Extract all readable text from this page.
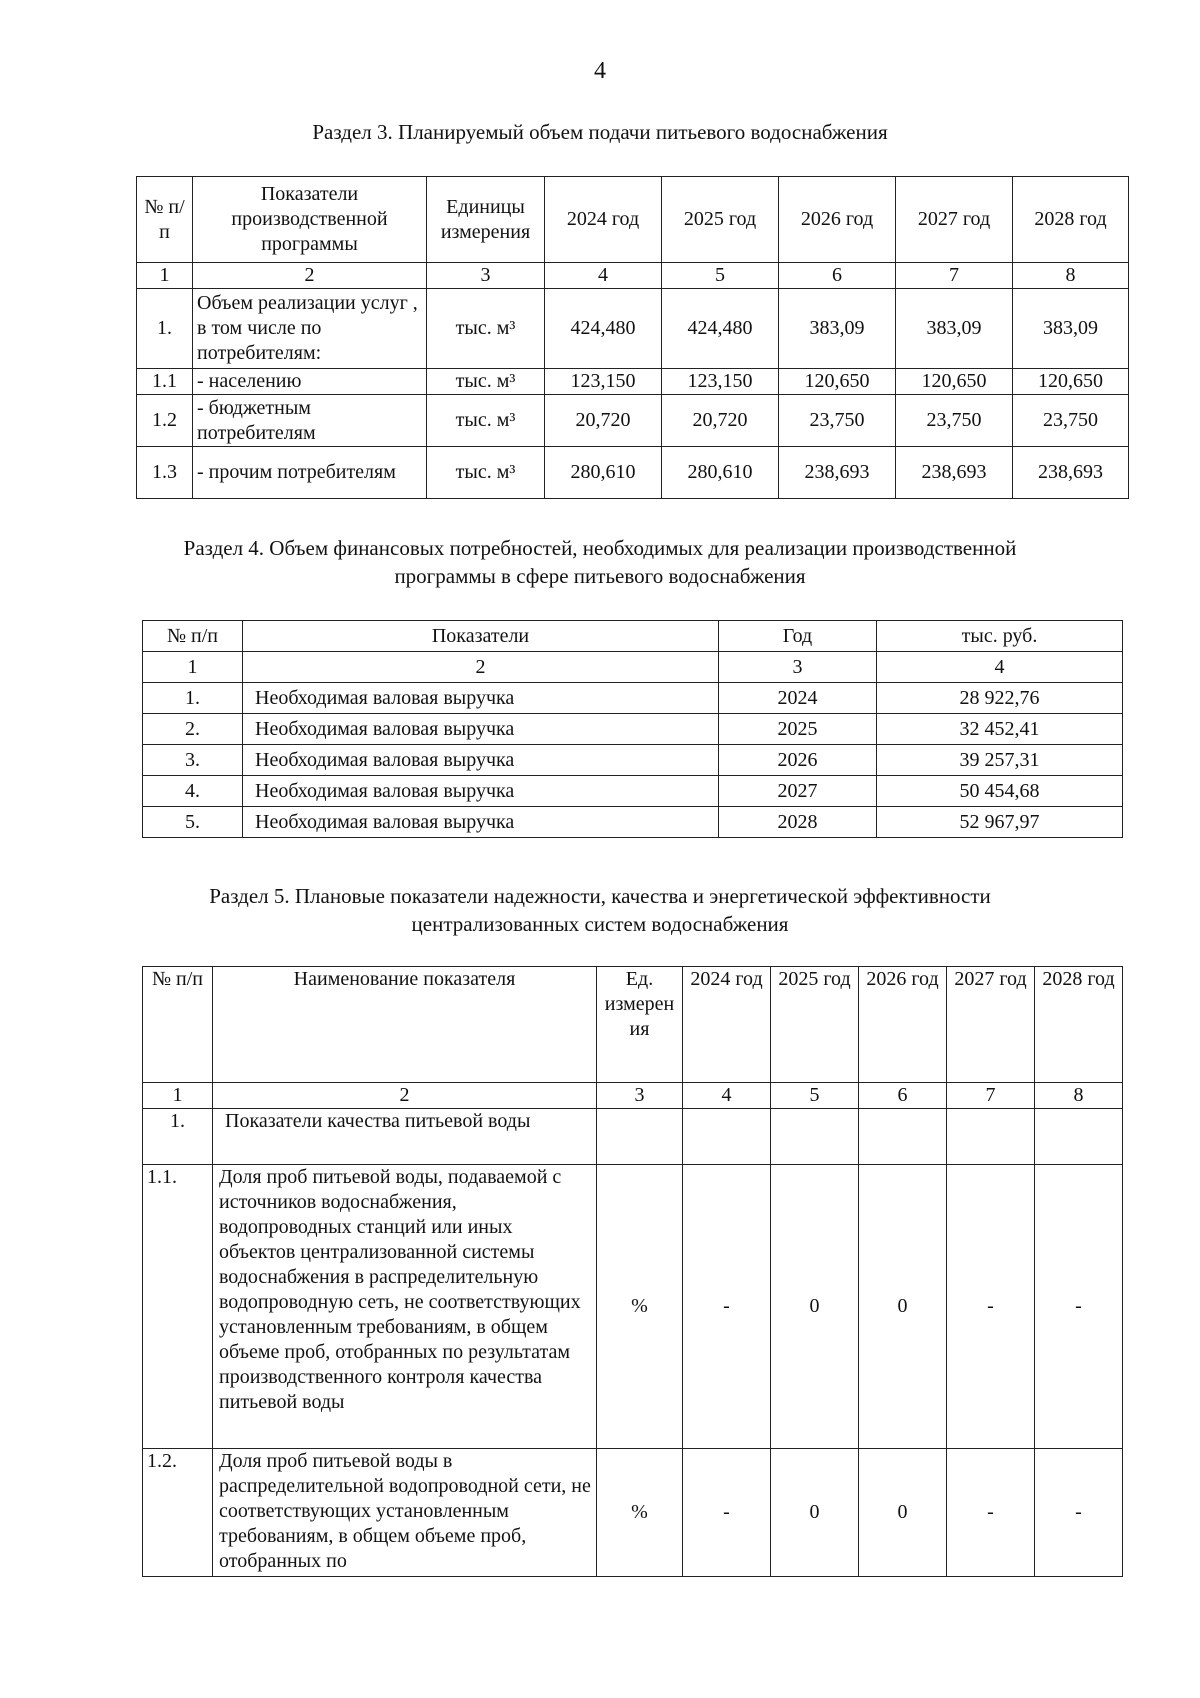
4
Раздел 3. Планируемый объем подачи питьевого водоснабжения
№ п/п	Показатели производственной программы	Единицы измерения	2024 год	2025 год	2026 год	2027 год	2028 год
1	2	3	4	5	6	7	8
1.	Объем реализации услуг , в том числе по потребителям:	тыс. м³	424,480	424,480	383,09	383,09	383,09
1.1	- населению	тыс. м³	123,150	123,150	120,650	120,650	120,650
1.2	- бюджетным потребителям	тыс. м³	20,720	20,720	23,750	23,750	23,750
1.3	- прочим потребителям	тыс. м³	280,610	280,610	238,693	238,693	238,693
Раздел 4. Объем финансовых потребностей, необходимых для реализации производственной
программы в сфере питьевого водоснабжения
№ п/п	Показатели	Год	тыс. руб.
1	2	3	4
1.	Необходимая валовая выручка	2024	28 922,76
2.	Необходимая валовая выручка	2025	32 452,41
3.	Необходимая валовая выручка	2026	39 257,31
4.	Необходимая валовая выручка	2027	50 454,68
5.	Необходимая валовая выручка	2028	52 967,97
Раздел 5. Плановые показатели надежности, качества и энергетической эффективности
централизованных систем водоснабжения
№ п/п	Наименование показателя	Ед. измерен ия	2024 год	2025 год	2026 год	2027 год	2028 год
1	2	3	4	5	6	7	8
1.	Показатели качества питьевой воды						
1.1.	Доля проб питьевой воды, подаваемой с источников водоснабжения, водопроводных станций или иных объектов централизованной системы водоснабжения в распределительную водопроводную сеть, не соответствующих установленным требованиям, в общем объеме проб, отобранных по результатам производственного контроля качества питьевой воды	%	-	0	0	-	-
1.2.	Доля проб питьевой воды в распределительной водопроводной сети, не соответствующих установленным требованиям, в общем объеме проб, отобранных по	%	-	0	0	-	-
